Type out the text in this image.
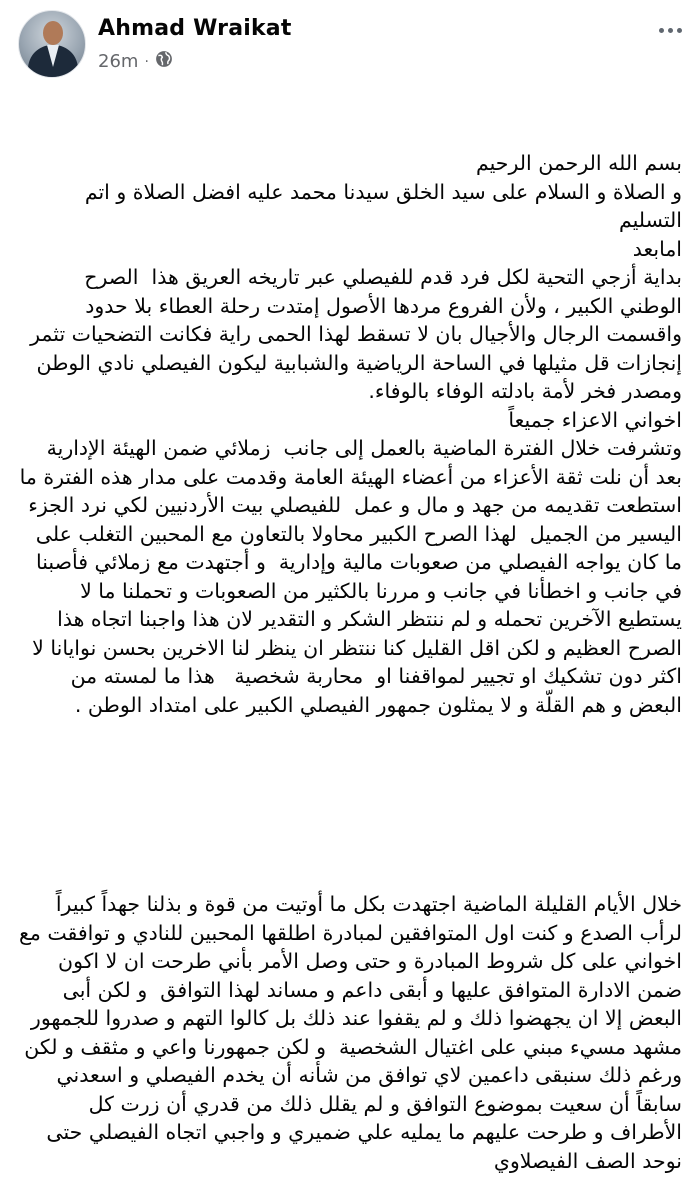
Ahmad Wraikat
26m ·

بسم الله الرحمن الرحيم
و الصلاة و السلام على سيد الخلق سيدنا محمد عليه افضل الصلاة و اتم التسليم
امابعد
بداية أزجي التحية لكل فرد قدم للفيصلي عبر تاريخه العريق هذا  الصرح الوطني الكبير ، ولأن الفروع مردها الأصول إمتدت رحلة العطاء بلا حدود واقسمت الرجال والأجيال بان لا تسقط لهذا الحمى راية فكانت التضحيات تثمر إنجازات قل مثيلها في الساحة الرياضية والشبابية ليكون الفيصلي نادي الوطن ومصدر فخر لأمة بادلته الوفاء بالوفاء.
اخواني الاعزاء جميعاً
وتشرفت خلال الفترة الماضية بالعمل إلى جانب  زملائي ضمن الهيئة الإدارية بعد أن نلت ثقة الأعزاء من أعضاء الهيئة العامة وقدمت على مدار هذه الفترة ما استطعت تقديمه من جهد و مال و عمل  للفيصلي بيت الأردنيين لكي نرد الجزء اليسير من الجميل  لهذا الصرح الكبير محاولا بالتعاون مع المحبين التغلب على ما كان يواجه الفيصلي من صعوبات مالية وإدارية  و أجتهدت مع زملائي فأصبنا  في جانب و اخطأنا في جانب و مررنا بالكثير من الصعوبات و تحملنا ما لا يستطيع الآخرين تحمله و لم ننتظر الشكر و التقدير لان هذا واجبنا اتجاه هذا الصرح العظيم و لكن اقل القليل كنا ننتظر ان ينظر لنا الاخرين بحسن نوايانا لا اكثر دون تشكيك او تجيير لمواقفنا او  محاربة شخصية   هذا ما لمسته من البعض و هم القلّة و لا يمثلون جمهور الفيصلي الكبير على امتداد الوطن .

خلال الأيام القليلة الماضية اجتهدت بكل ما أوتيت من قوة و بذلنا جهداً كبيراً  لرأب الصدع و كنت اول المتوافقين لمبادرة اطلقها المحبين للنادي و توافقت مع اخواني على كل شروط المبادرة و حتى وصل الأمر بأني طرحت ان لا اكون ضمن الادارة المتوافق عليها و أبقى داعم و مساند لهذا التوافق  و لكن أبى البعض إلا ان يجهضوا ذلك و لم يقفوا عند ذلك بل كالوا التهم و صدروا للجمهور مشهد مسيء مبني على اغتيال الشخصية  و لكن جمهورنا واعي و مثقف و لكن ورغم ذلك سنبقى داعمين لاي توافق من شأنه أن يخدم الفيصلي و اسعدني سابقاً أن سعيت بموضوع التوافق و لم يقلل ذلك من قدري أن زرت كل الأطراف و طرحت عليهم ما يمليه علي ضميري و واجبي اتجاه الفيصلي حتى نوحد الصف الفيصلاوي
